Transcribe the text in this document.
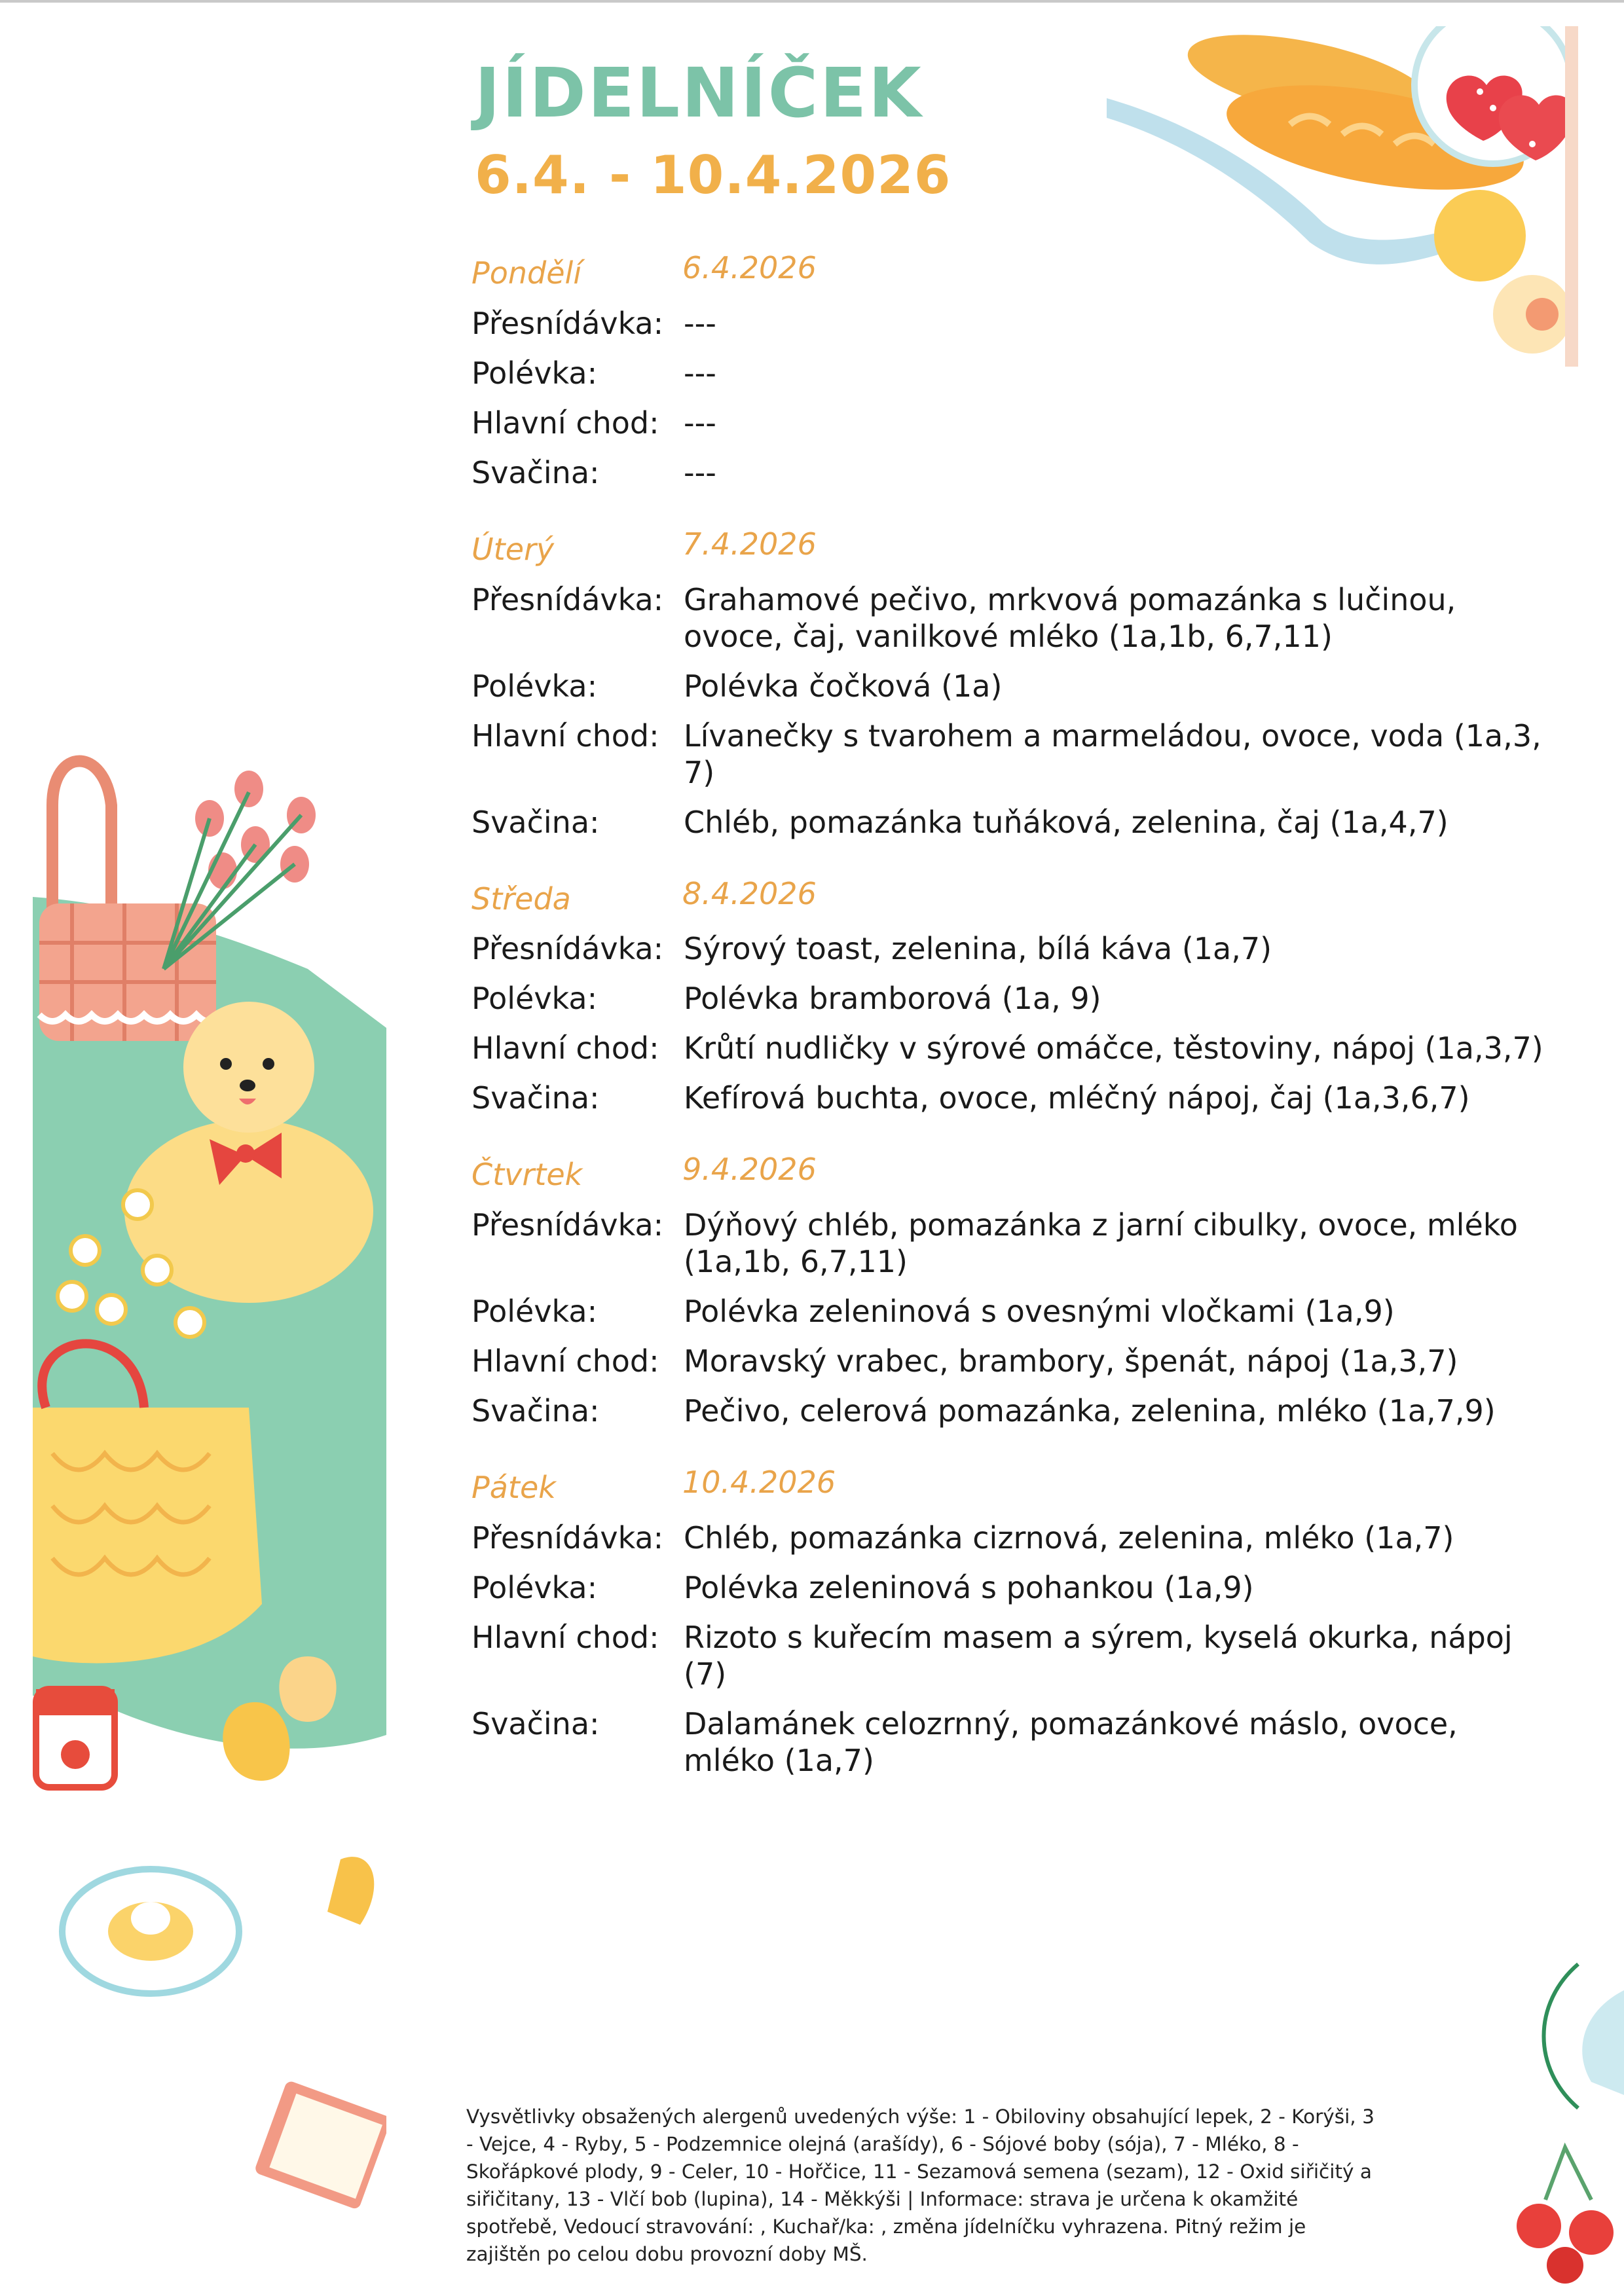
JÍDELNÍČEK
6.4. - 10.4.2026
Pondělí	6.4.2026
Přesnídávka: ---
Polévka:	---
Hlavní chod: ---
Svačina:	---
Úterý	7.4.2026
Přesnídávka: Grahamové pečivo, mrkvová pomazánka s lučinou, ovoce, čaj, vanilkové mléko (1a,1b, 6,7,11)
Polévka:	Polévka čočková (1a)
Hlavní chod: Lívanečky s tvarohem a marmeládou, ovoce, voda (1a,3, 7)
Svačina:	Chléb, pomazánka tuňáková, zelenina, čaj (1a,4,7)
Středa	8.4.2026
Přesnídávka: Sýrový toast, zelenina, bílá káva (1a,7)
Polévka:	Polévka bramborová (1a, 9)
Hlavní chod: Krůtí nudličky v sýrové omáčce, těstoviny, nápoj (1a,3,7)
Svačina:	Kefírová buchta, ovoce, mléčný nápoj, čaj (1a,3,6,7)
Čtvrtek	9.4.2026
Přesnídávka: Dýňový chléb, pomazánka z jarní cibulky, ovoce, mléko (1a,1b, 6,7,11)
Polévka:	Polévka zeleninová s ovesnými vločkami (1a,9)
Hlavní chod: Moravský vrabec, brambory, špenát, nápoj (1a,3,7)
Svačina:	Pečivo, celerová pomazánka, zelenina, mléko (1a,7,9)
Pátek	10.4.2026
Přesnídávka: Chléb, pomazánka cizrnová, zelenina, mléko (1a,7)
Polévka:	Polévka zeleninová s pohankou (1a,9)
Hlavní chod: Rizoto s kuřecím masem a sýrem, kyselá okurka, nápoj (7)
Svačina:	Dalamánek celozrnný, pomazánkové máslo, ovoce, mléko (1a,7)
Vysvětlivky obsažených alergenů uvedených výše: 1 - Obiloviny obsahující lepek, 2 - Korýši, 3 - Vejce, 4 - Ryby, 5 - Podzemnice olejná (arašídy), 6 - Sójové boby (sója), 7 - Mléko, 8 - Skořápkové plody, 9 - Celer, 10 - Hořčice, 11 - Sezamová semena (sezam), 12 - Oxid siřičitý a siřičitany, 13 - Vlčí bob (lupina), 14 - Měkkýši | Informace: strava je určena k okamžité spotřebě, Vedoucí stravování: , Kuchař/ka: , změna jídelníčku vyhrazena. Pitný režim je zajištěn po celou dobu provozní doby MŠ.
